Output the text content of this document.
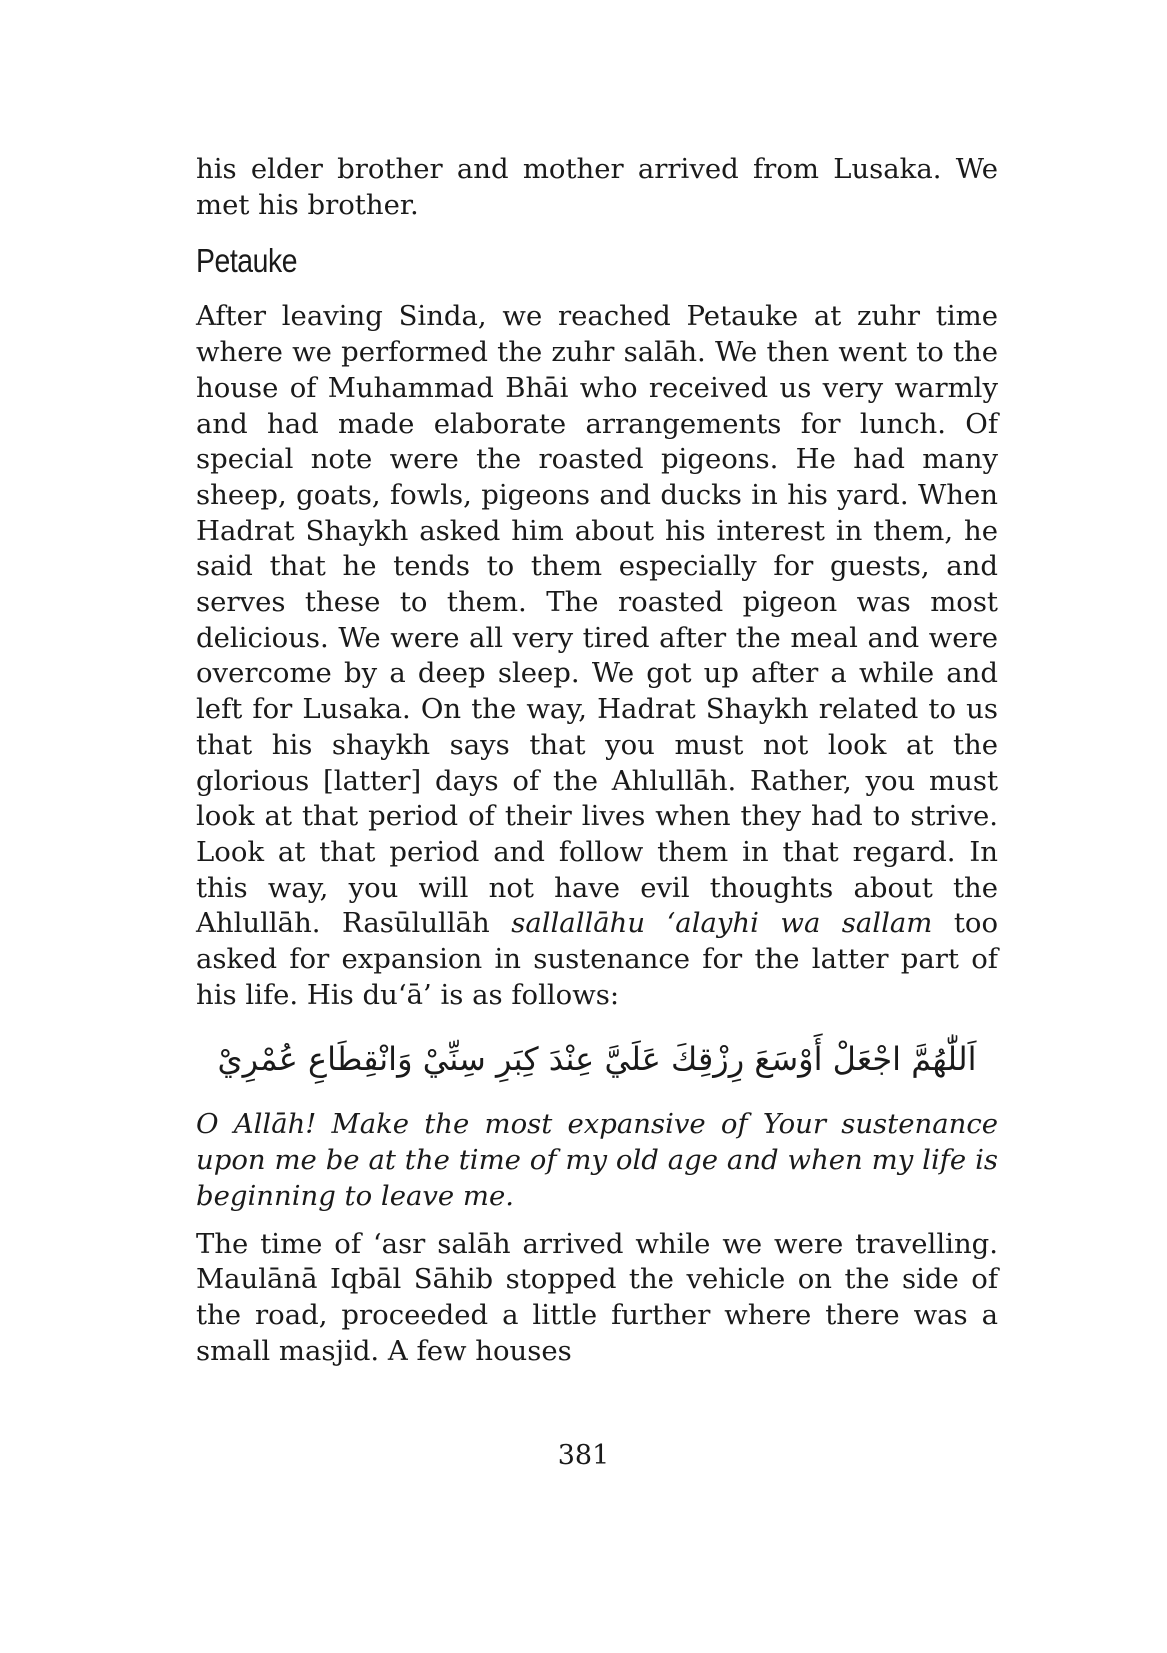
his elder brother and mother arrived from Lusaka. We met his brother.

Petauke

After leaving Sinda, we reached Petauke at zuhr time where we performed the zuhr salāh. We then went to the house of Muhammad Bhāi who received us very warmly and had made elaborate arrangements for lunch. Of special note were the roasted pigeons. He had many sheep, goats, fowls, pigeons and ducks in his yard. When Hadrat Shaykh asked him about his interest in them, he said that he tends to them especially for guests, and serves these to them. The roasted pigeon was most delicious. We were all very tired after the meal and were overcome by a deep sleep. We got up after a while and left for Lusaka. On the way, Hadrat Shaykh related to us that his shaykh says that you must not look at the glorious [latter] days of the Ahlullāh. Rather, you must look at that period of their lives when they had to strive. Look at that period and follow them in that regard. In this way, you will not have evil thoughts about the Ahlullāh. Rasūlullāh sallallāhu ‘alayhi wa sallam too asked for expansion in sustenance for the latter part of his life. His du‘ā’ is as follows:

اَللّٰهُمَّ اجْعَلْ أَوْسَعَ رِزْقِكَ عَلَيَّ عِنْدَ كِبَرِ سِنِّيْ وَانْقِطَاعِ عُمْرِيْ

O Allāh! Make the most expansive of Your sustenance upon me be at the time of my old age and when my life is beginning to leave me.

The time of ‘asr salāh arrived while we were travelling. Maulānā Iqbāl Sāhib stopped the vehicle on the side of the road, proceeded a little further where there was a small masjid. A few houses

381
